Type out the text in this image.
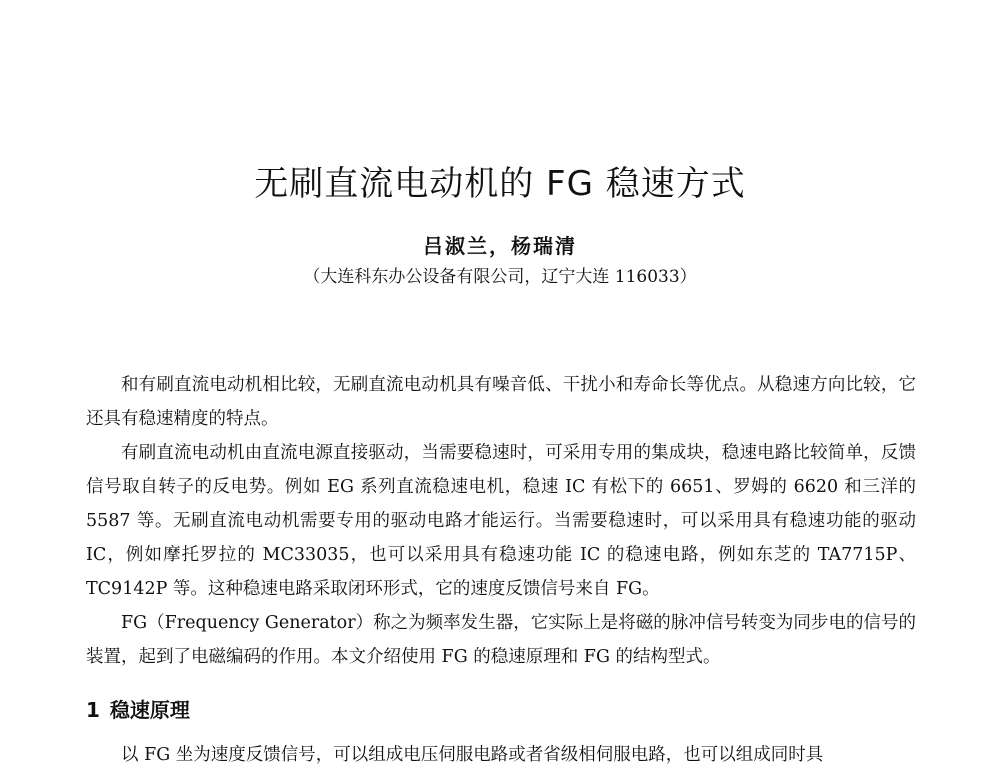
无刷直流电动机的 FG 稳速方式
吕淑兰，杨瑞清
（大连科东办公设备有限公司，辽宁大连 116033）

和有刷直流电动机相比较，无刷直流电动机具有噪音低、干扰小和寿命长等优点。从稳速方向比较，它还具有稳速精度的特点。

有刷直流电动机由直流电源直接驱动，当需要稳速时，可采用专用的集成块，稳速电路比较简单，反馈信号取自转子的反电势。例如 EG 系列直流稳速电机，稳速 IC 有松下的 6651、罗姆的 6620 和三洋的 5587 等。无刷直流电动机需要专用的驱动电路才能运行。当需要稳速时，可以采用具有稳速功能的驱动 IC，例如摩托罗拉的 MC33035，也可以采用具有稳速功能 IC 的稳速电路，例如东芝的 TA7715P、TC9142P 等。这种稳速电路采取闭环形式，它的速度反馈信号来自 FG。

FG（Frequency Generator）称之为频率发生器，它实际上是将磁的脉冲信号转变为同步电的信号的装置，起到了电磁编码的作用。本文介绍使用 FG 的稳速原理和 FG 的结构型式。

1 稳速原理
以 FG 坐为速度反馈信号，可以组成电压伺服电路或者省级相伺服电路，也可以组成同时具
